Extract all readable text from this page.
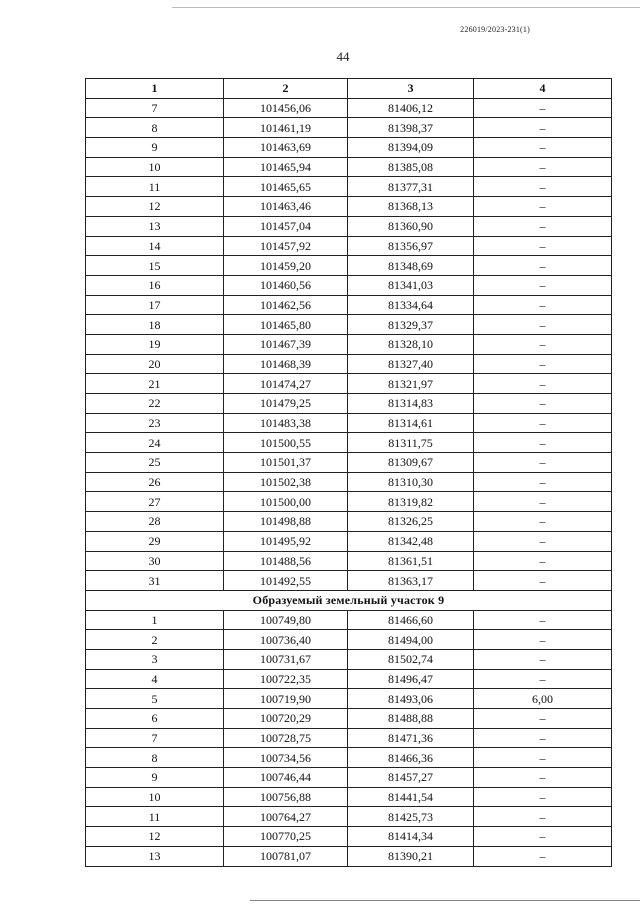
226019/2023-231(1)
44
1	2	3	4
7	101456,06	81406,12	–
8	101461,19	81398,37	–
9	101463,69	81394,09	–
10	101465,94	81385,08	–
11	101465,65	81377,31	–
12	101463,46	81368,13	–
13	101457,04	81360,90	–
14	101457,92	81356,97	–
15	101459,20	81348,69	–
16	101460,56	81341,03	–
17	101462,56	81334,64	–
18	101465,80	81329,37	–
19	101467,39	81328,10	–
20	101468,39	81327,40	–
21	101474,27	81321,97	–
22	101479,25	81314,83	–
23	101483,38	81314,61	–
24	101500,55	81311,75	–
25	101501,37	81309,67	–
26	101502,38	81310,30	–
27	101500,00	81319,82	–
28	101498,88	81326,25	–
29	101495,92	81342,48	–
30	101488,56	81361,51	–
31	101492,55	81363,17	–
Образуемый земельный участок 9			
1	100749,80	81466,60	–
2	100736,40	81494,00	–
3	100731,67	81502,74	–
4	100722,35	81496,47	–
5	100719,90	81493,06	6,00
6	100720,29	81488,88	–
7	100728,75	81471,36	–
8	100734,56	81466,36	–
9	100746,44	81457,27	–
10	100756,88	81441,54	–
11	100764,27	81425,73	–
12	100770,25	81414,34	–
13	100781,07	81390,21	–
